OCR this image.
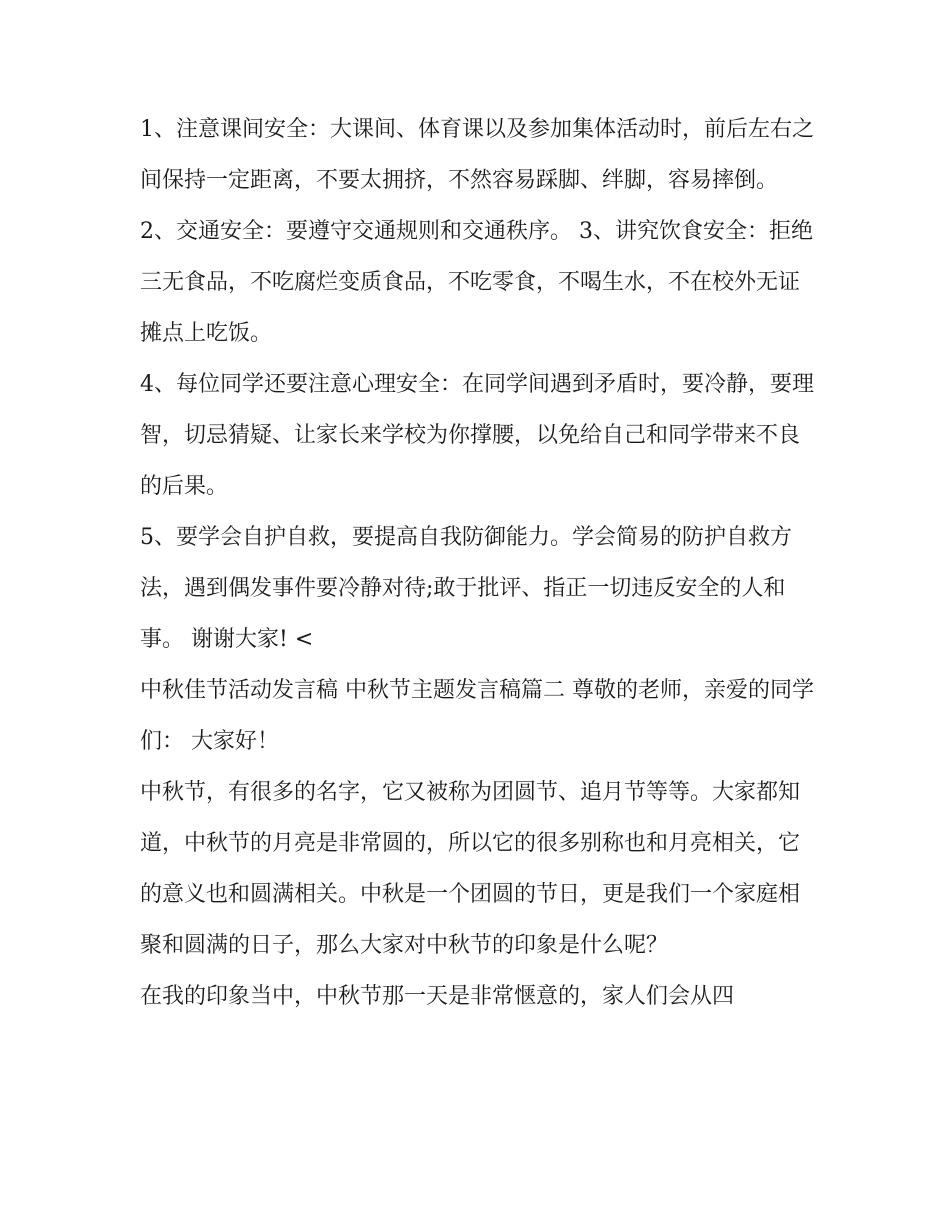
1、注意课间安全：大课间、体育课以及参加集体活动时，前后左右之间保持一定距离，不要太拥挤，不然容易踩脚、绊脚，容易摔倒。

2、交通安全：要遵守交通规则和交通秩序。 3、讲究饮食安全：拒绝三无食品，不吃腐烂变质食品，不吃零食，不喝生水，不在校外无证摊点上吃饭。

4、每位同学还要注意心理安全：在同学间遇到矛盾时，要冷静，要理智，切忌猜疑、让家长来学校为你撑腰，以免给自己和同学带来不良的后果。

5、要学会自护自救，要提高自我防御能力。学会简易的防护自救方法，遇到偶发事件要冷静对待;敢于批评、指正一切违反安全的人和事。 谢谢大家! <

中秋佳节活动发言稿 中秋节主题发言稿篇二 尊敬的老师，亲爱的同学们： 大家好！

中秋节，有很多的名字，它又被称为团圆节、追月节等等。大家都知道，中秋节的月亮是非常圆的，所以它的很多别称也和月亮相关，它的意义也和圆满相关。中秋是一个团圆的节日，更是我们一个家庭相聚和圆满的日子，那么大家对中秋节的印象是什么呢？

在我的印象当中，中秋节那一天是非常惬意的，家人们会从四
